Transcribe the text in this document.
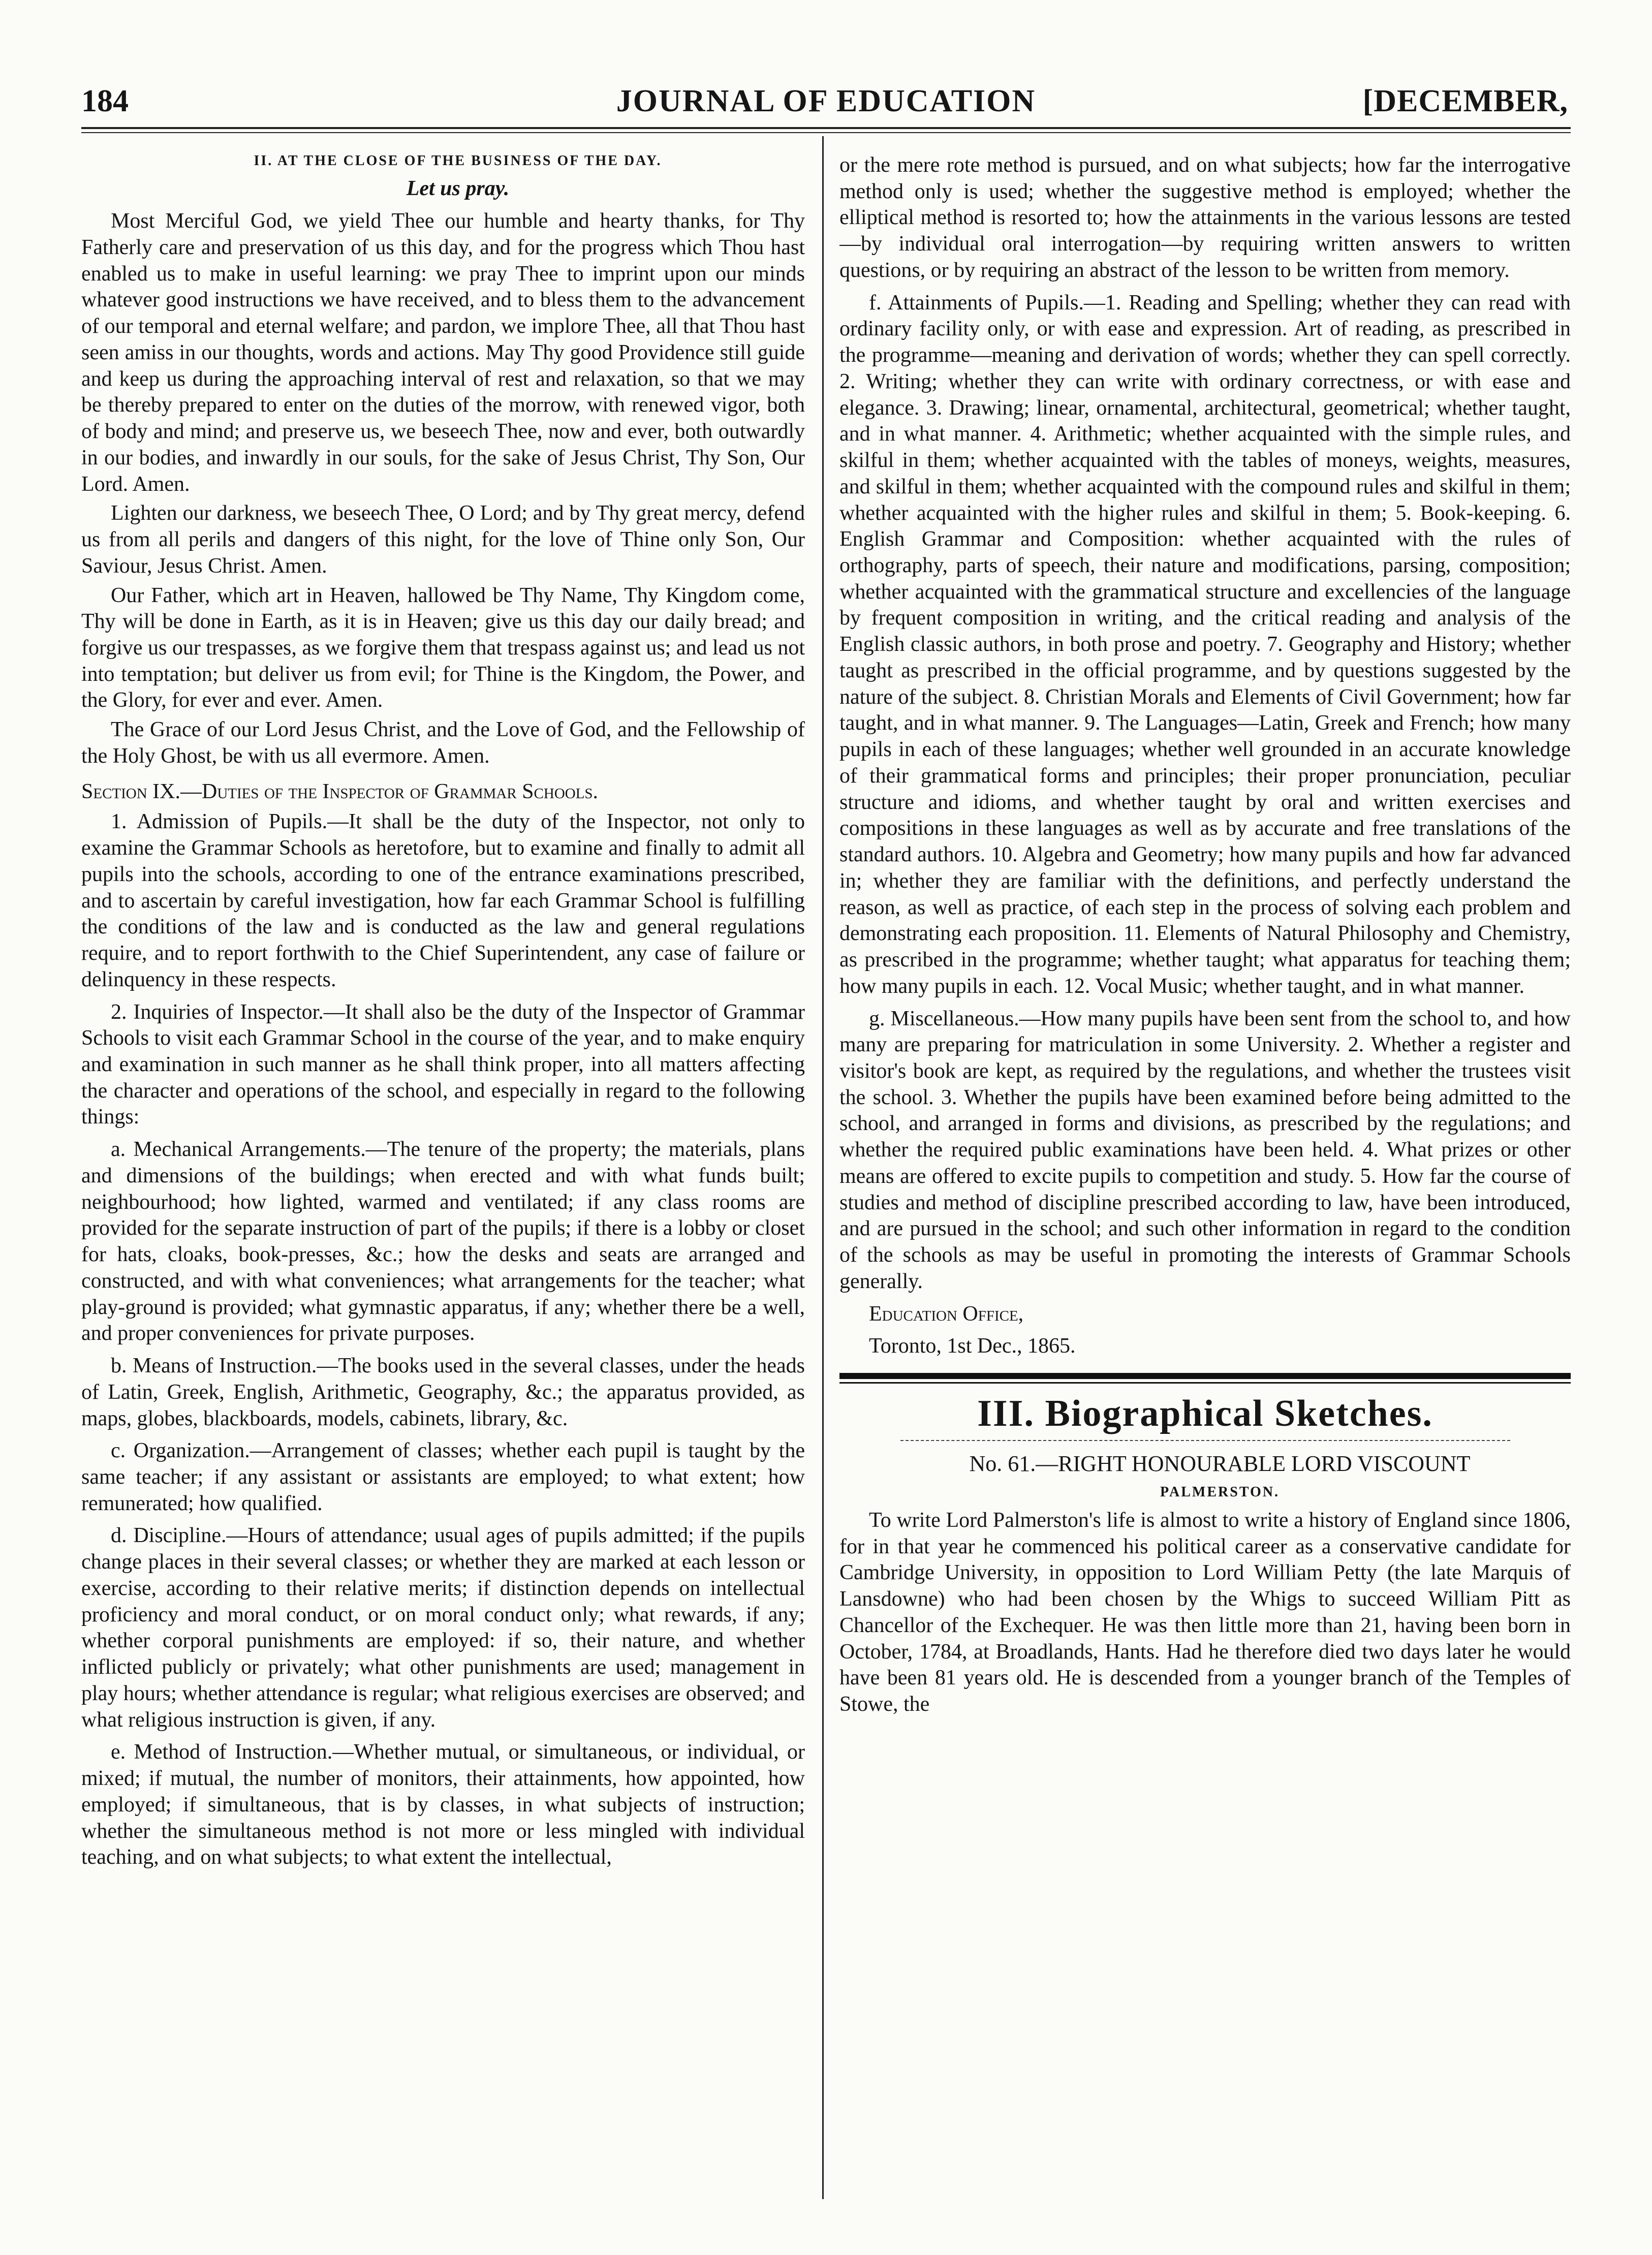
184	JOURNAL OF EDUCATION	[DECEMBER,

II. AT THE CLOSE OF THE BUSINESS OF THE DAY.

Let us pray.

Most Merciful God, we yield Thee our humble and hearty thanks, for Thy Fatherly care and preservation of us this day, and for the progress which Thou hast enabled us to make in useful learning: we pray Thee to imprint upon our minds whatever good instructions we have received, and to bless them to the advancement of our temporal and eternal welfare; and pardon, we implore Thee, all that Thou hast seen amiss in our thoughts, words and actions. May Thy good Providence still guide and keep us during the approaching interval of rest and relaxation, so that we may be thereby prepared to enter on the duties of the morrow, with renewed vigor, both of body and mind; and preserve us, we beseech Thee, now and ever, both outwardly in our bodies, and inwardly in our souls, for the sake of Jesus Christ, Thy Son, Our Lord. Amen.

Lighten our darkness, we beseech Thee, O Lord; and by Thy great mercy, defend us from all perils and dangers of this night, for the love of Thine only Son, Our Saviour, Jesus Christ. Amen.

Our Father, which art in Heaven, hallowed be Thy Name, Thy Kingdom come, Thy will be done in Earth, as it is in Heaven; give us this day our daily bread; and forgive us our trespasses, as we forgive them that trespass against us; and lead us not into temptation; but deliver us from evil; for Thine is the Kingdom, the Power, and the Glory, for ever and ever. Amen.

The Grace of our Lord Jesus Christ, and the Love of God, and the Fellowship of the Holy Ghost, be with us all evermore. Amen.

Section IX.—Duties of the Inspector of Grammar Schools.

1. Admission of Pupils.—It shall be the duty of the Inspector, not only to examine the Grammar Schools as heretofore, but to examine and finally to admit all pupils into the schools, according to one of the entrance examinations prescribed, and to ascertain by careful investigation, how far each Grammar School is fulfilling the conditions of the law and is conducted as the law and general regulations require, and to report forthwith to the Chief Superintendent, any case of failure or delinquency in these respects.

2. Inquiries of Inspector.—It shall also be the duty of the Inspector of Grammar Schools to visit each Grammar School in the course of the year, and to make enquiry and examination in such manner as he shall think proper, into all matters affecting the character and operations of the school, and especially in regard to the following things:

a. Mechanical Arrangements.—The tenure of the property; the materials, plans and dimensions of the buildings; when erected and with what funds built; neighbourhood; how lighted, warmed and ventilated; if any class rooms are provided for the separate instruction of part of the pupils; if there is a lobby or closet for hats, cloaks, book-presses, &c.; how the desks and seats are arranged and constructed, and with what conveniences; what arrangements for the teacher; what play-ground is provided; what gymnastic apparatus, if any; whether there be a well, and proper conveniences for private purposes.

b. Means of Instruction.—The books used in the several classes, under the heads of Latin, Greek, English, Arithmetic, Geography, &c.; the apparatus provided, as maps, globes, blackboards, models, cabinets, library, &c.

c. Organization.—Arrangement of classes; whether each pupil is taught by the same teacher; if any assistant or assistants are employed; to what extent; how remunerated; how qualified.

d. Discipline.—Hours of attendance; usual ages of pupils admitted; if the pupils change places in their several classes; or whether they are marked at each lesson or exercise, according to their relative merits; if distinction depends on intellectual proficiency and moral conduct, or on moral conduct only; what rewards, if any; whether corporal punishments are employed: if so, their nature, and whether inflicted publicly or privately; what other punishments are used; management in play hours; whether attendance is regular; what religious exercises are observed; and what religious instruction is given, if any.

e. Method of Instruction.—Whether mutual, or simultaneous, or individual, or mixed; if mutual, the number of monitors, their attainments, how appointed, how employed; if simultaneous, that is by classes, in what subjects of instruction; whether the simultaneous method is not more or less mingled with individual teaching, and on what subjects; to what extent the intellectual,

or the mere rote method is pursued, and on what subjects; how far the interrogative method only is used; whether the suggestive method is employed; whether the elliptical method is resorted to; how the attainments in the various lessons are tested—by individual oral interrogation—by requiring written answers to written questions, or by requiring an abstract of the lesson to be written from memory.

f. Attainments of Pupils.—1. Reading and Spelling; whether they can read with ordinary facility only, or with ease and expression. Art of reading, as prescribed in the programme—meaning and derivation of words; whether they can spell correctly. 2. Writing; whether they can write with ordinary correctness, or with ease and elegance. 3. Drawing; linear, ornamental, architectural, geometrical; whether taught, and in what manner. 4. Arithmetic; whether acquainted with the simple rules, and skilful in them; whether acquainted with the tables of moneys, weights, measures, and skilful in them; whether acquainted with the compound rules and skilful in them; whether acquainted with the higher rules and skilful in them; 5. Book-keeping. 6. English Grammar and Composition: whether acquainted with the rules of orthography, parts of speech, their nature and modifications, parsing, composition; whether acquainted with the grammatical structure and excellencies of the language by frequent composition in writing, and the critical reading and analysis of the English classic authors, in both prose and poetry. 7. Geography and History; whether taught as prescribed in the official programme, and by questions suggested by the nature of the subject. 8. Christian Morals and Elements of Civil Government; how far taught, and in what manner. 9. The Languages—Latin, Greek and French; how many pupils in each of these languages; whether well grounded in an accurate knowledge of their grammatical forms and principles; their proper pronunciation, peculiar structure and idioms, and whether taught by oral and written exercises and compositions in these languages as well as by accurate and free translations of the standard authors. 10. Algebra and Geometry; how many pupils and how far advanced in; whether they are familiar with the definitions, and perfectly understand the reason, as well as practice, of each step in the process of solving each problem and demonstrating each proposition. 11. Elements of Natural Philosophy and Chemistry, as prescribed in the programme; whether taught; what apparatus for teaching them; how many pupils in each. 12. Vocal Music; whether taught, and in what manner.

g. Miscellaneous.—How many pupils have been sent from the school to, and how many are preparing for matriculation in some University. 2. Whether a register and visitor's book are kept, as required by the regulations, and whether the trustees visit the school. 3. Whether the pupils have been examined before being admitted to the school, and arranged in forms and divisions, as prescribed by the regulations; and whether the required public examinations have been held. 4. What prizes or other means are offered to excite pupils to competition and study. 5. How far the course of studies and method of discipline prescribed according to law, have been introduced, and are pursued in the school; and such other information in regard to the condition of the schools as may be useful in promoting the interests of Grammar Schools generally.

Education Office,

Toronto, 1st Dec., 1865.

III. Biographical Sketches.

No. 61.—RIGHT HONOURABLE LORD VISCOUNT

PALMERSTON.

To write Lord Palmerston's life is almost to write a history of England since 1806, for in that year he commenced his political career as a conservative candidate for Cambridge University, in opposition to Lord William Petty (the late Marquis of Lansdowne) who had been chosen by the Whigs to succeed William Pitt as Chancellor of the Exchequer. He was then little more than 21, having been born in October, 1784, at Broadlands, Hants. Had he therefore died two days later he would have been 81 years old. He is descended from a younger branch of the Temples of Stowe, the
